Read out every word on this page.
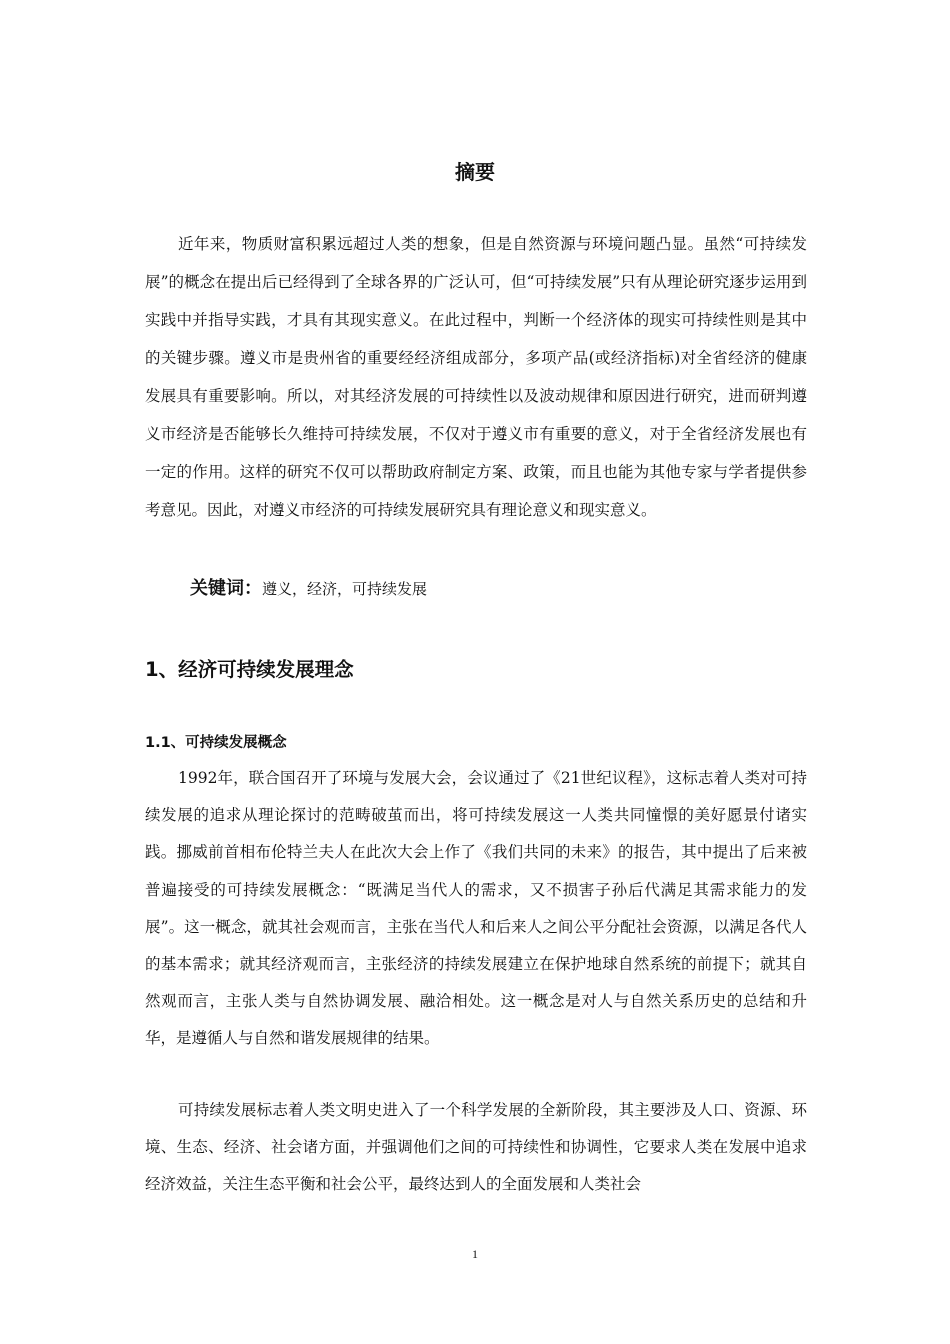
摘要

近年来，物质财富积累远超过人类的想象，但是自然资源与环境问题凸显。虽然“可持续发展”的概念在提出后已经得到了全球各界的广泛认可，但“可持续发展”只有从理论研究逐步运用到实践中并指导实践，才具有其现实意义。在此过程中，判断一个经济体的现实可持续性则是其中的关键步骤。遵义市是贵州省的重要经经济组成部分，多项产品(或经济指标)对全省经济的健康发展具有重要影响。所以，对其经济发展的可持续性以及波动规律和原因进行研究，进而研判遵义市经济是否能够长久维持可持续发展，不仅对于遵义市有重要的意义，对于全省经济发展也有一定的作用。这样的研究不仅可以帮助政府制定方案、政策，而且也能为其他专家与学者提供参考意见。因此，对遵义市经济的可持续发展研究具有理论意义和现实意义。

关键词：遵义，经济，可持续发展
1、经济可持续发展理念
1.1、可持续发展概念

1992年，联合国召开了环境与发展大会，会议通过了《21世纪议程》，这标志着人类对可持续发展的追求从理论探讨的范畴破茧而出，将可持续发展这一人类共同憧憬的美好愿景付诸实践。挪威前首相布伦特兰夫人在此次大会上作了《我们共同的未来》的报告，其中提出了后来被普遍接受的可持续发展概念：“既满足当代人的需求，又不损害子孙后代满足其需求能力的发展”。这一概念，就其社会观而言，主张在当代人和后来人之间公平分配社会资源，以满足各代人的基本需求；就其经济观而言，主张经济的持续发展建立在保护地球自然系统的前提下；就其自然观而言，主张人类与自然协调发展、融洽相处。这一概念是对人与自然关系历史的总结和升华，是遵循人与自然和谐发展规律的结果。

可持续发展标志着人类文明史进入了一个科学发展的全新阶段，其主要涉及人口、资源、环境、生态、经济、社会诸方面，并强调他们之间的可持续性和协调性，它要求人类在发展中追求经济效益，关注生态平衡和社会公平，最终达到人的全面发展和人类社会

1
